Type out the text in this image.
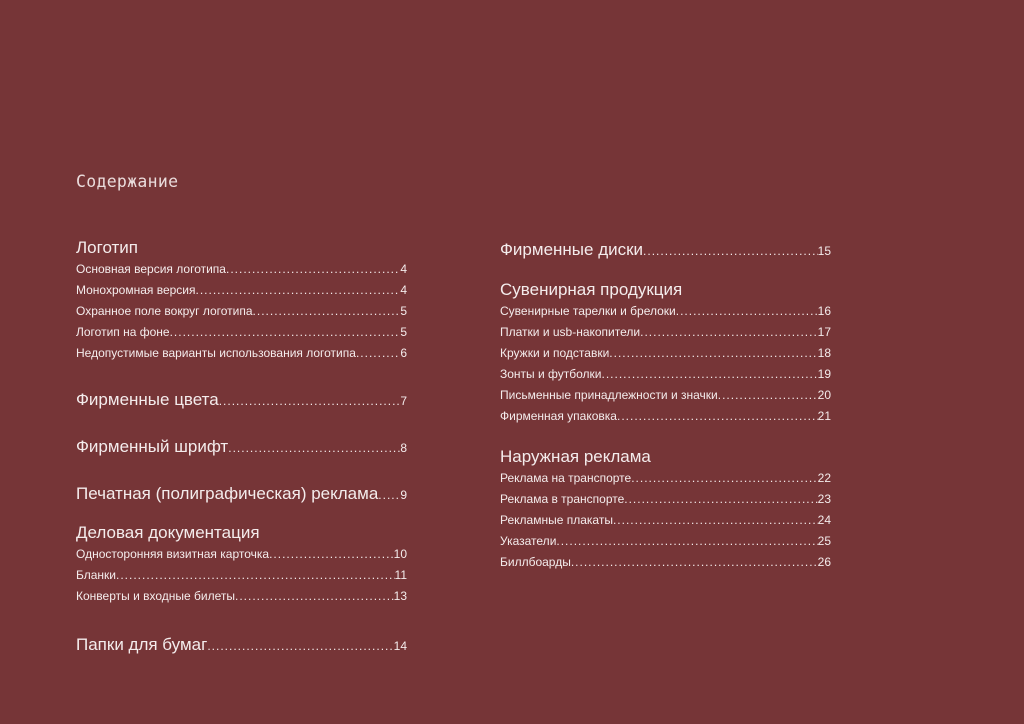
Содержание
Логотип
Основная версия логотипа .....	4
Монохромная версия .....	4
Охранное поле вокруг логотипа .....	5
Логотип на фоне .....	5
Недопустимые варианты использования логотипа .....	6
Фирменные цвета .....	7
Фирменный шрифт .....	8
Печатная (полиграфическая) реклама ..... 9
Деловая документация
Односторонняя визитная карточка .....	10
Бланки .....	11
Конверты и входные билеты .....	13
Папки для бумаг .....	14
Фирменные диски .....	15
Сувенирная продукция
Сувенирные тарелки и брелоки .....	16
Платки и usb-накопители .....	17
Кружки и подставки .....	18
Зонты и футболки .....	19
Письменные принадлежности и значки .....	20
Фирменная упаковка .....	21
Наружная реклама
Реклама на транспорте .....	22
Реклама в транспорте .....	23
Рекламные плакаты .....	24
Указатели .....	25
Биллбоарды .....	26
